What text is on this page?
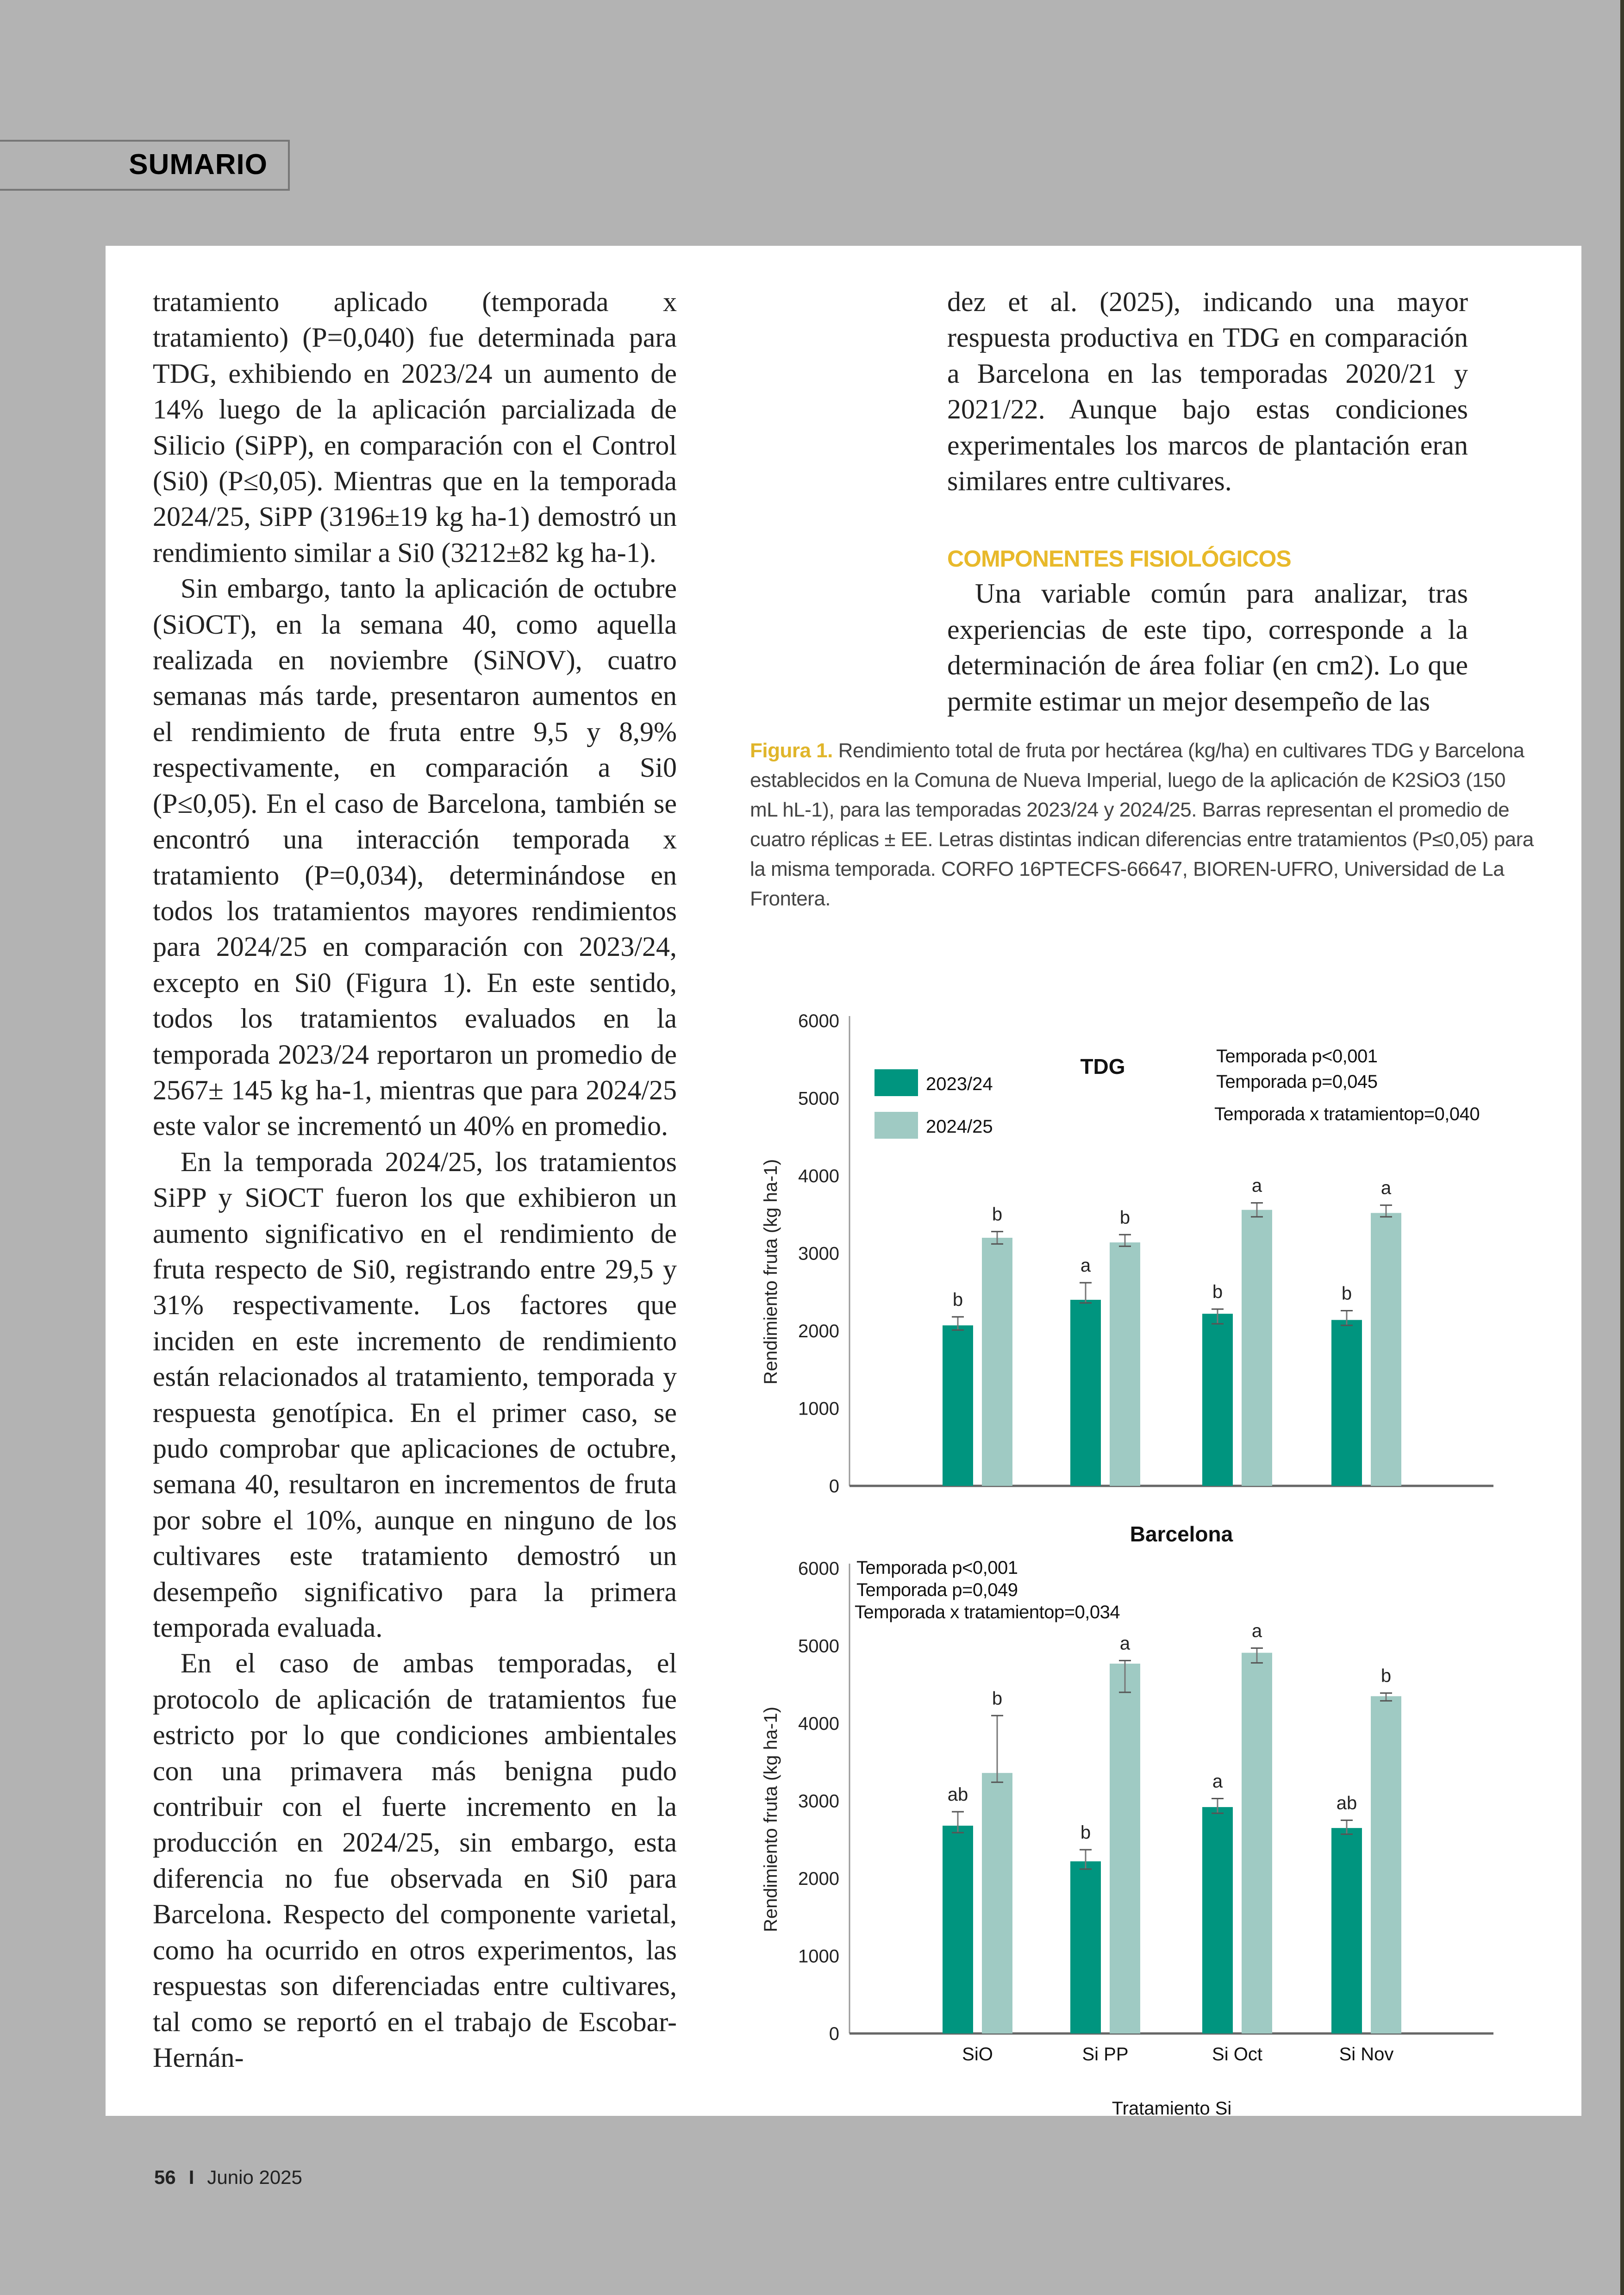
SUMARIO

tratamiento aplicado (temporada x tratamiento) (P=0,040) fue determinada para TDG, exhibiendo en 2023/24 un aumento de 14% luego de la aplicación parcializada de Silicio (SiPP), en comparación con el Control (Si0) (P≤0,05). Mientras que en la temporada 2024/25, SiPP (3196±19 kg ha-1) demostró un rendimiento similar a Si0 (3212±82 kg ha-1).

Sin embargo, tanto la aplicación de octubre (SiOCT), en la semana 40, como aquella realizada en noviembre (SiNOV), cuatro semanas más tarde, presentaron aumentos en el rendimiento de fruta entre 9,5 y 8,9% respectivamente, en comparación a Si0 (P≤0,05). En el caso de Barcelona, también se encontró una interacción temporada x tratamiento (P=0,034), determinándose en todos los tratamientos mayores rendimientos para 2024/25 en comparación con 2023/24, excepto en Si0 (Figura 1). En este sentido, todos los tratamientos evaluados en la temporada 2023/24 reportaron un promedio de 2567± 145 kg ha-1, mientras que para 2024/25 este valor se incrementó un 40% en promedio.

En la temporada 2024/25, los tratamientos SiPP y SiOCT fueron los que exhibieron un aumento significativo en el rendimiento de fruta respecto de Si0, registrando entre 29,5 y 31% respectivamente. Los factores que inciden en este incremento de rendimiento están relacionados al tratamiento, temporada y respuesta genotípica. En el primer caso, se pudo comprobar que aplicaciones de octubre, semana 40, resultaron en incrementos de fruta por sobre el 10%, aunque en ninguno de los cultivares este tratamiento demostró un desempeño significativo para la primera temporada evaluada.

En el caso de ambas temporadas, el protocolo de aplicación de tratamientos fue estricto por lo que condiciones ambientales con una primavera más benigna pudo contribuir con el fuerte incremento en la producción en 2024/25, sin embargo, esta diferencia no fue observada en Si0 para Barcelona. Respecto del componente varietal, como ha ocurrido en otros experimentos, las respuestas son diferenciadas entre cultivares, tal como se reportó en el trabajo de Escobar-Hernán-

dez et al. (2025), indicando una mayor respuesta productiva en TDG en comparación a Barcelona en las temporadas 2020/21 y 2021/22. Aunque bajo estas condiciones experimentales los marcos de plantación eran similares entre cultivares.

COMPONENTES FISIOLÓGICOS

Una variable común para analizar, tras experiencias de este tipo, corresponde a la determinación de área foliar (en cm2). Lo que permite estimar un mejor desempeño de las

Figura 1. Rendimiento total de fruta por hectárea (kg/ha) en cultivares TDG y Barcelona establecidos en la Comuna de Nueva Imperial, luego de la aplicación de K2SiO3 (150 mL hL-1), para las temporadas 2023/24 y 2024/25. Barras representan el promedio de cuatro réplicas ± EE. Letras distintas indican diferencias entre tratamientos (P≤0,05) para la misma temporada. CORFO 16PTECFS-66647, BIOREN-UFRO, Universidad de La Frontera.
0
1000
2000
3000
4000
5000
6000
Rendimiento fruta (kg ha-1)
TDG	Temporada p<0,001
Temporada p=0,045
Temporada x tratamientop=0,040
2023/24
2024/25
b
a
b	b
b	b
a	a
0
1000
2000
3000
4000
5000
6000
Rendimiento fruta (kg ha-1)
Barcelona
Temporada p<0,001
Temporada p=0,049
Temporada x tratamientop=0,034
ab
b
a
ab
b
a
a
b
SiO	Si PP	Si Oct	Si Nov
Tratamiento Si
56 I Junio 2025
